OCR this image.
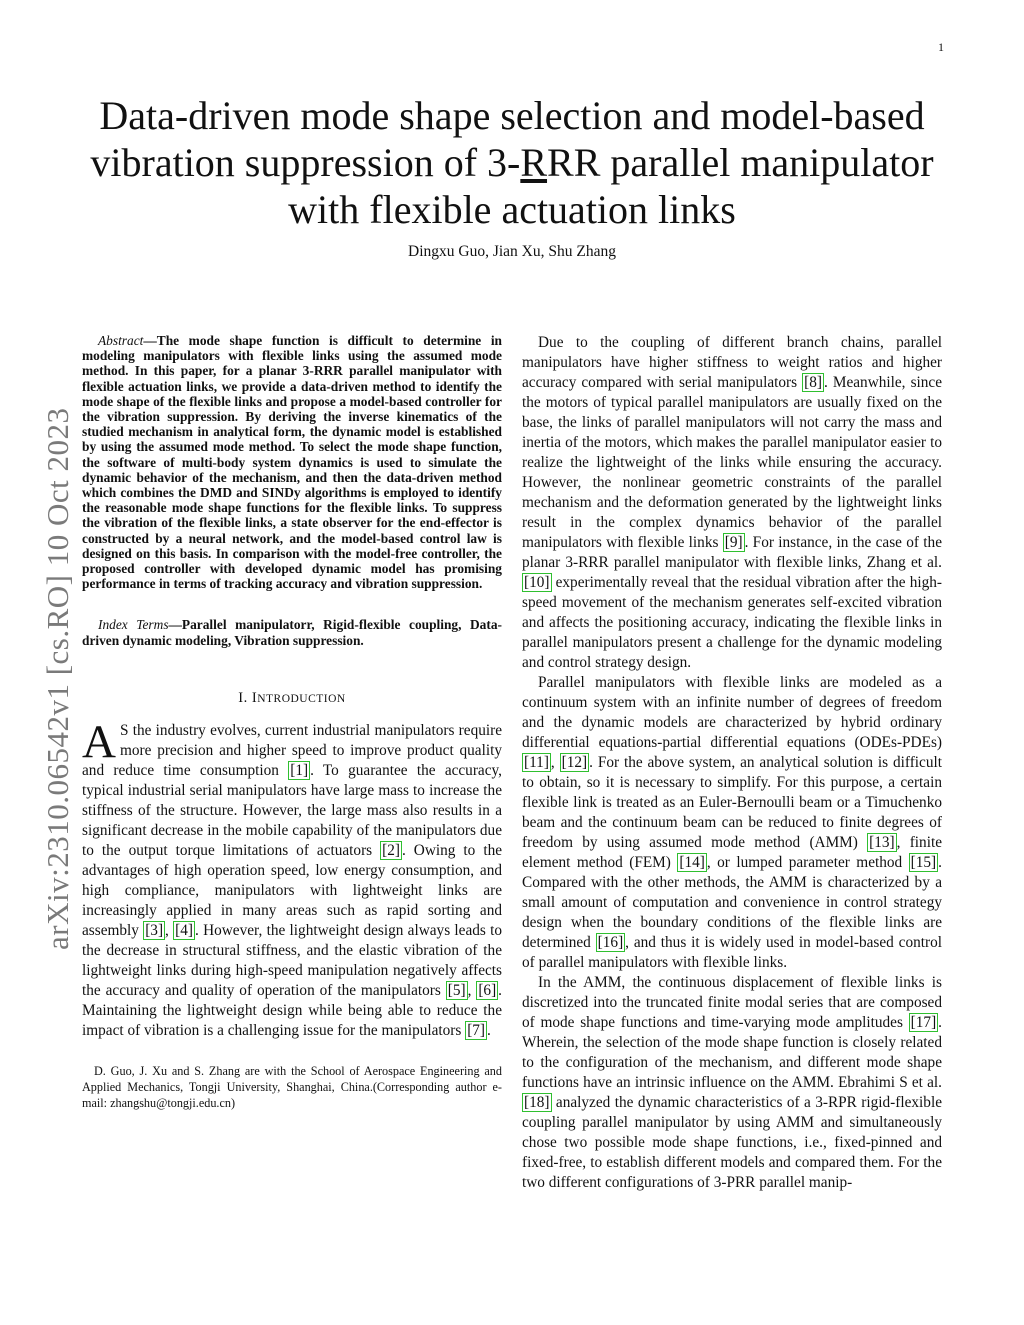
1
arXiv:2310.06542v1 [cs.RO] 10 Oct 2023
Data-driven mode shape selection and model-based
vibration suppression of 3-RRR parallel manipulator
with flexible actuation links
Dingxu Guo, Jian Xu, Shu Zhang

Abstract—The mode shape function is difficult to determine in modeling manipulators with flexible links using the assumed mode method. In this paper, for a planar 3-RRR parallel manipulator with flexible actuation links, we provide a data-driven method to identify the mode shape of the flexible links and propose a model-based controller for the vibration suppression. By deriving the inverse kinematics of the studied mechanism in analytical form, the dynamic model is established by using the assumed mode method. To select the mode shape function, the software of multi-body system dynamics is used to simulate the dynamic behavior of the mechanism, and then the data-driven method which combines the DMD and SINDy algorithms is employed to identify the reasonable mode shape functions for the flexible links. To suppress the vibration of the flexible links, a state observer for the end-effector is constructed by a neural network, and the model-based control law is designed on this basis. In comparison with the model-free controller, the proposed controller with developed dynamic model has promising performance in terms of tracking accuracy and vibration suppression.

Index Terms—Parallel manipulatorr, Rigid-flexible coupling, Data-driven dynamic modeling, Vibration suppression.

I. INTRODUCTION

A S the industry evolves, current industrial manipulators require more precision and higher speed to improve product quality and reduce time consumption [1] . To guarantee the accuracy, typical industrial serial manipulators have large mass to increase the stiffness of the structure. However, the large mass also results in a significant decrease in the mobile capability of the manipulators due to the output torque limitations of actuators [2] . Owing to the advantages of high operation speed, low energy consumption, and high compliance, manipulators with lightweight links are increasingly applied in many areas such as rapid sorting and assembly [3] , [4] . However, the lightweight design always leads to the decrease in structural stiffness, and the elastic vibration of the lightweight links during high-speed manipulation negatively affects the accuracy and quality of operation of the manipulators [5] , [6] . Maintaining the lightweight design while being able to reduce the impact of vibration is a challenging issue for the manipulators [7] .

D. Guo, J. Xu and S. Zhang are with the School of Aerospace Engineering and Applied Mechanics, Tongji University, Shanghai, China.(Corresponding author e-mail: zhangshu@tongji.edu.cn)

Due to the coupling of different branch chains, parallel manipulators have higher stiffness to weight ratios and higher accuracy compared with serial manipulators [8] . Meanwhile, since the motors of typical parallel manipulators are usually fixed on the base, the links of parallel manipulators will not carry the mass and inertia of the motors, which makes the parallel manipulator easier to realize the lightweight of the links while ensuring the accuracy. However, the nonlinear geometric constraints of the parallel mechanism and the deformation generated by the lightweight links result in the complex dynamics behavior of the parallel manipulators with flexible links [9] . For instance, in the case of the planar 3-RRR parallel manipulator with flexible links, Zhang et al. [10] experimentally reveal that the residual vibration after the high-speed movement of the mechanism generates self-excited vibration and affects the positioning accuracy, indicating the flexible links in parallel manipulators present a challenge for the dynamic modeling and control strategy design.

Parallel manipulators with flexible links are modeled as a continuum system with an infinite number of degrees of freedom and the dynamic models are characterized by hybrid ordinary differential equations-partial differential equations (ODEs-PDEs) [11] , [12] . For the above system, an analytical solution is difficult to obtain, so it is necessary to simplify. For this purpose, a certain flexible link is treated as an Euler-Bernoulli beam or a Timuchenko beam and the continuum beam can be reduced to finite degrees of freedom by using assumed mode method (AMM) [13] , finite element method (FEM) [14] , or lumped parameter method [15] . Compared with the other methods, the AMM is characterized by a small amount of computation and convenience in control strategy design when the boundary conditions of the flexible links are determined [16] , and thus it is widely used in model-based control of parallel manipulators with flexible links.

In the AMM, the continuous displacement of flexible links is discretized into the truncated finite modal series that are composed of mode shape functions and time-varying mode amplitudes [17] . Wherein, the selection of the mode shape function is closely related to the configuration of the mechanism, and different mode shape functions have an intrinsic influence on the AMM. Ebrahimi S et al. [18] analyzed the dynamic characteristics of a 3-RPR rigid-flexible coupling parallel manipulator by using AMM and simultaneously chose two possible mode shape functions, i.e., fixed-pinned and fixed-free, to establish different models and compared them. For the two different configurations of 3-PRR parallel manip-
